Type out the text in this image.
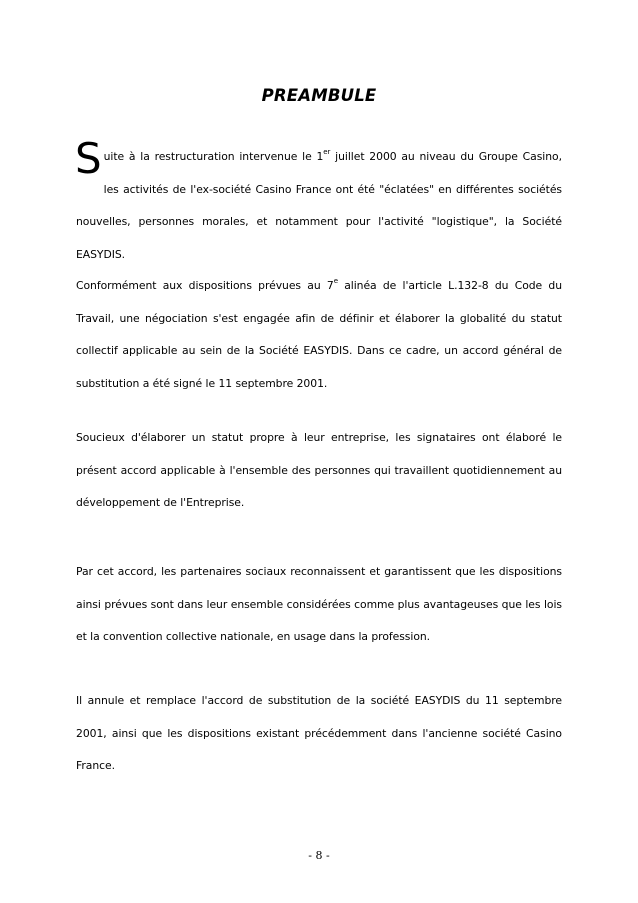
PREAMBULE
Suite à la restructuration intervenue le 1er juillet 2000 au niveau du Groupe Casino, les activités de l'ex-société Casino France ont été "éclatées" en différentes sociétés nouvelles, personnes morales, et notamment pour l'activité "logistique", la Société EASYDIS.
Conformément aux dispositions prévues au 7e alinéa de l'article L.132-8 du Code du Travail, une négociation s'est engagée afin de définir et élaborer la globalité du statut collectif applicable au sein de la Société EASYDIS. Dans ce cadre, un accord général de substitution a été signé le 11 septembre 2001.
Soucieux d'élaborer un statut propre à leur entreprise, les signataires ont élaboré le présent accord applicable à l'ensemble des personnes qui travaillent quotidiennement au développement de l'Entreprise.
Par cet accord, les partenaires sociaux reconnaissent et garantissent que les dispositions ainsi prévues sont dans leur ensemble considérées comme plus avantageuses que les lois et la convention collective nationale, en usage dans la profession.
Il annule et remplace l'accord de substitution de la société EASYDIS du 11 septembre 2001, ainsi que les dispositions existant précédemment dans l'ancienne société Casino France.
- 8 -
